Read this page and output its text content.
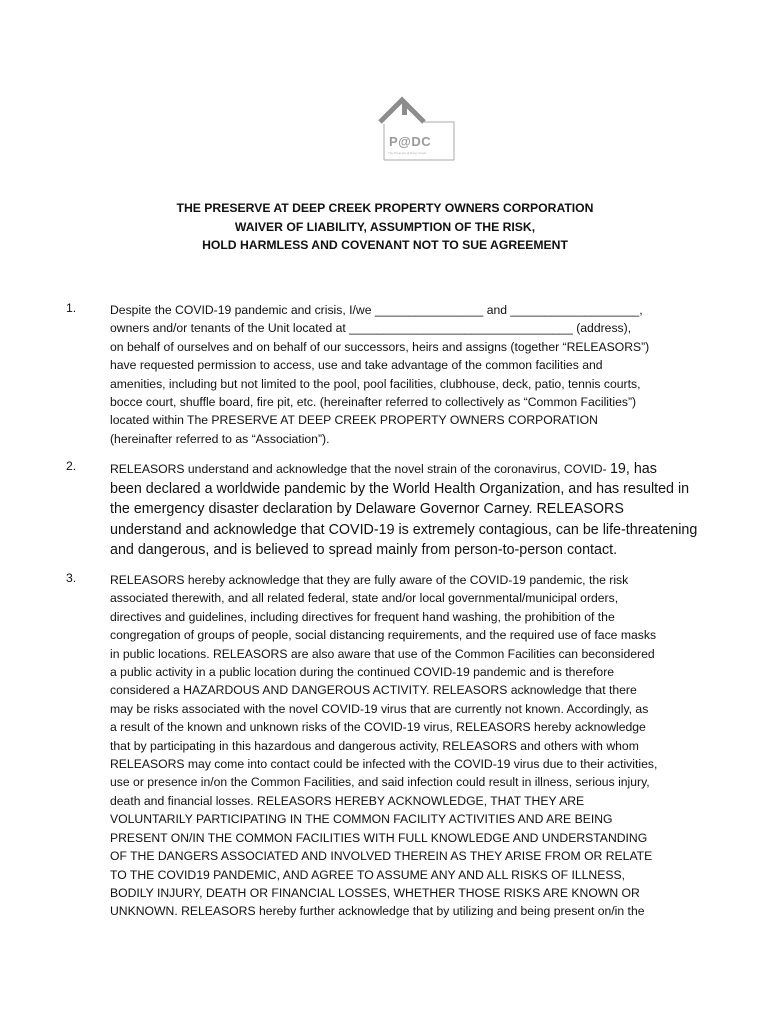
P@DC
The Preserve at Deep Creek
THE PRESERVE AT DEEP CREEK PROPERTY OWNERS CORPORATION
WAIVER OF LIABILITY, ASSUMPTION OF THE RISK,
HOLD HARMLESS AND COVENANT NOT TO SUE AGREEMENT
1.	Despite the COVID-19 pandemic and crisis, I/we ________________ and ___________________,
owners and/or tenants of the Unit located at _________________________________ (address),
on behalf of ourselves and on behalf of our successors, heirs and assigns (together “RELEASORS”)
have requested permission to access, use and take advantage of the common facilities and
amenities, including but not limited to the pool, pool facilities, clubhouse, deck, patio, tennis courts,
bocce court, shuffle board, fire pit, etc. (hereinafter referred to collectively as “Common Facilities”)
located within The PRESERVE AT DEEP CREEK PROPERTY OWNERS CORPORATION
(hereinafter referred to as “Association”).
2.	RELEASORS understand and acknowledge that the novel strain of the coronavirus, COVID- 19, has
been declared a worldwide pandemic by the World Health Organization, and has resulted in
the emergency disaster declaration by Delaware Governor Carney. RELEASORS
understand and acknowledge that COVID-19 is extremely contagious, can be life-threatening
and dangerous, and is believed to spread mainly from person-to-person contact.
3.	RELEASORS hereby acknowledge that they are fully aware of the COVID-19 pandemic, the risk
associated therewith, and all related federal, state and/or local governmental/municipal orders,
directives and guidelines, including directives for frequent hand washing, the prohibition of the
congregation of groups of people, social distancing requirements, and the required use of face masks
in public locations. RELEASORS are also aware that use of the Common Facilities can beconsidered
a public activity in a public location during the continued COVID-19 pandemic and is therefore
considered a HAZARDOUS AND DANGEROUS ACTIVITY. RELEASORS acknowledge that there
may be risks associated with the novel COVID-19 virus that are currently not known. Accordingly, as
a result of the known and unknown risks of the COVID-19 virus, RELEASORS hereby acknowledge
that by participating in this hazardous and dangerous activity, RELEASORS and others with whom
RELEASORS may come into contact could be infected with the COVID-19 virus due to their activities,
use or presence in/on the Common Facilities, and said infection could result in illness, serious injury,
death and financial losses. RELEASORS HEREBY ACKNOWLEDGE, THAT THEY ARE
VOLUNTARILY PARTICIPATING IN THE COMMON FACILITY ACTIVITIES AND ARE BEING
PRESENT ON/IN THE COMMON FACILITIES WITH FULL KNOWLEDGE AND UNDERSTANDING
OF THE DANGERS ASSOCIATED AND INVOLVED THEREIN AS THEY ARISE FROM OR RELATE
TO THE COVID19 PANDEMIC, AND AGREE TO ASSUME ANY AND ALL RISKS OF ILLNESS,
BODILY INJURY, DEATH OR FINANCIAL LOSSES, WHETHER THOSE RISKS ARE KNOWN OR
UNKNOWN. RELEASORS hereby further acknowledge that by utilizing and being present on/in the
